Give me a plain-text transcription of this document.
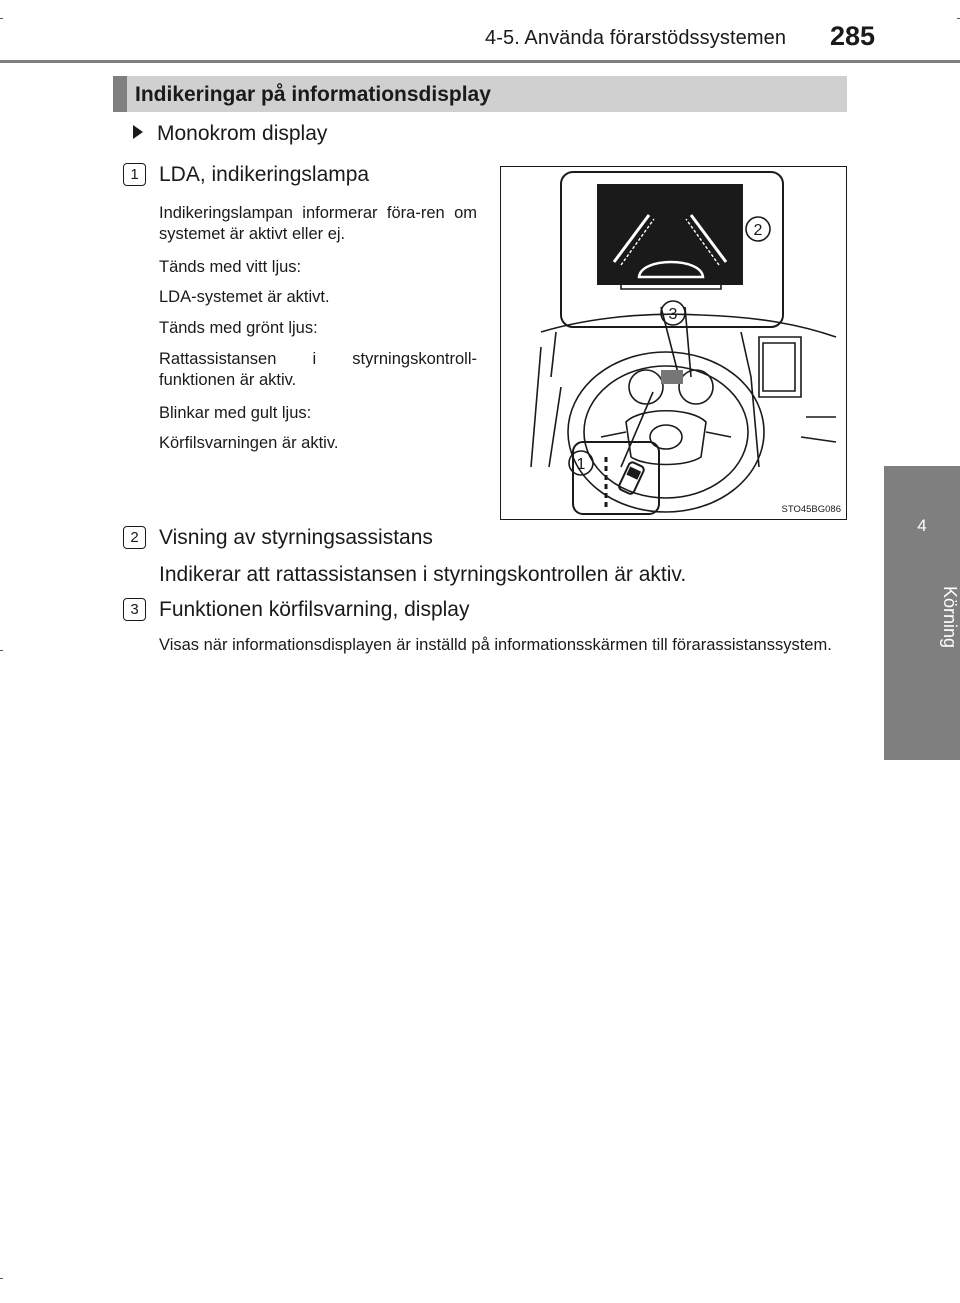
4-5. Använda förarstödssystemen 285
4
Körning
Indikeringar på informationsdisplay
Monokrom display
1 LDA, indikeringslampa
Indikeringslampan informerar föra-ren om systemet är aktivt eller ej.
Tänds med vitt ljus:
LDA-systemet är aktivt.
Tänds med grönt ljus:
Rattassistansen i styrningskontroll-funktionen är aktiv.
Blinkar med gult ljus:
Körfilsvarningen är aktiv.
2
3
1
STO45BG086
2 Visning av styrningsassistans
Indikerar att rattassistansen i styrningskontrollen är aktiv.
3 Funktionen körfilsvarning, display
Visas när informationsdisplayen är inställd på informationsskärmen till förarassistanssystem.
